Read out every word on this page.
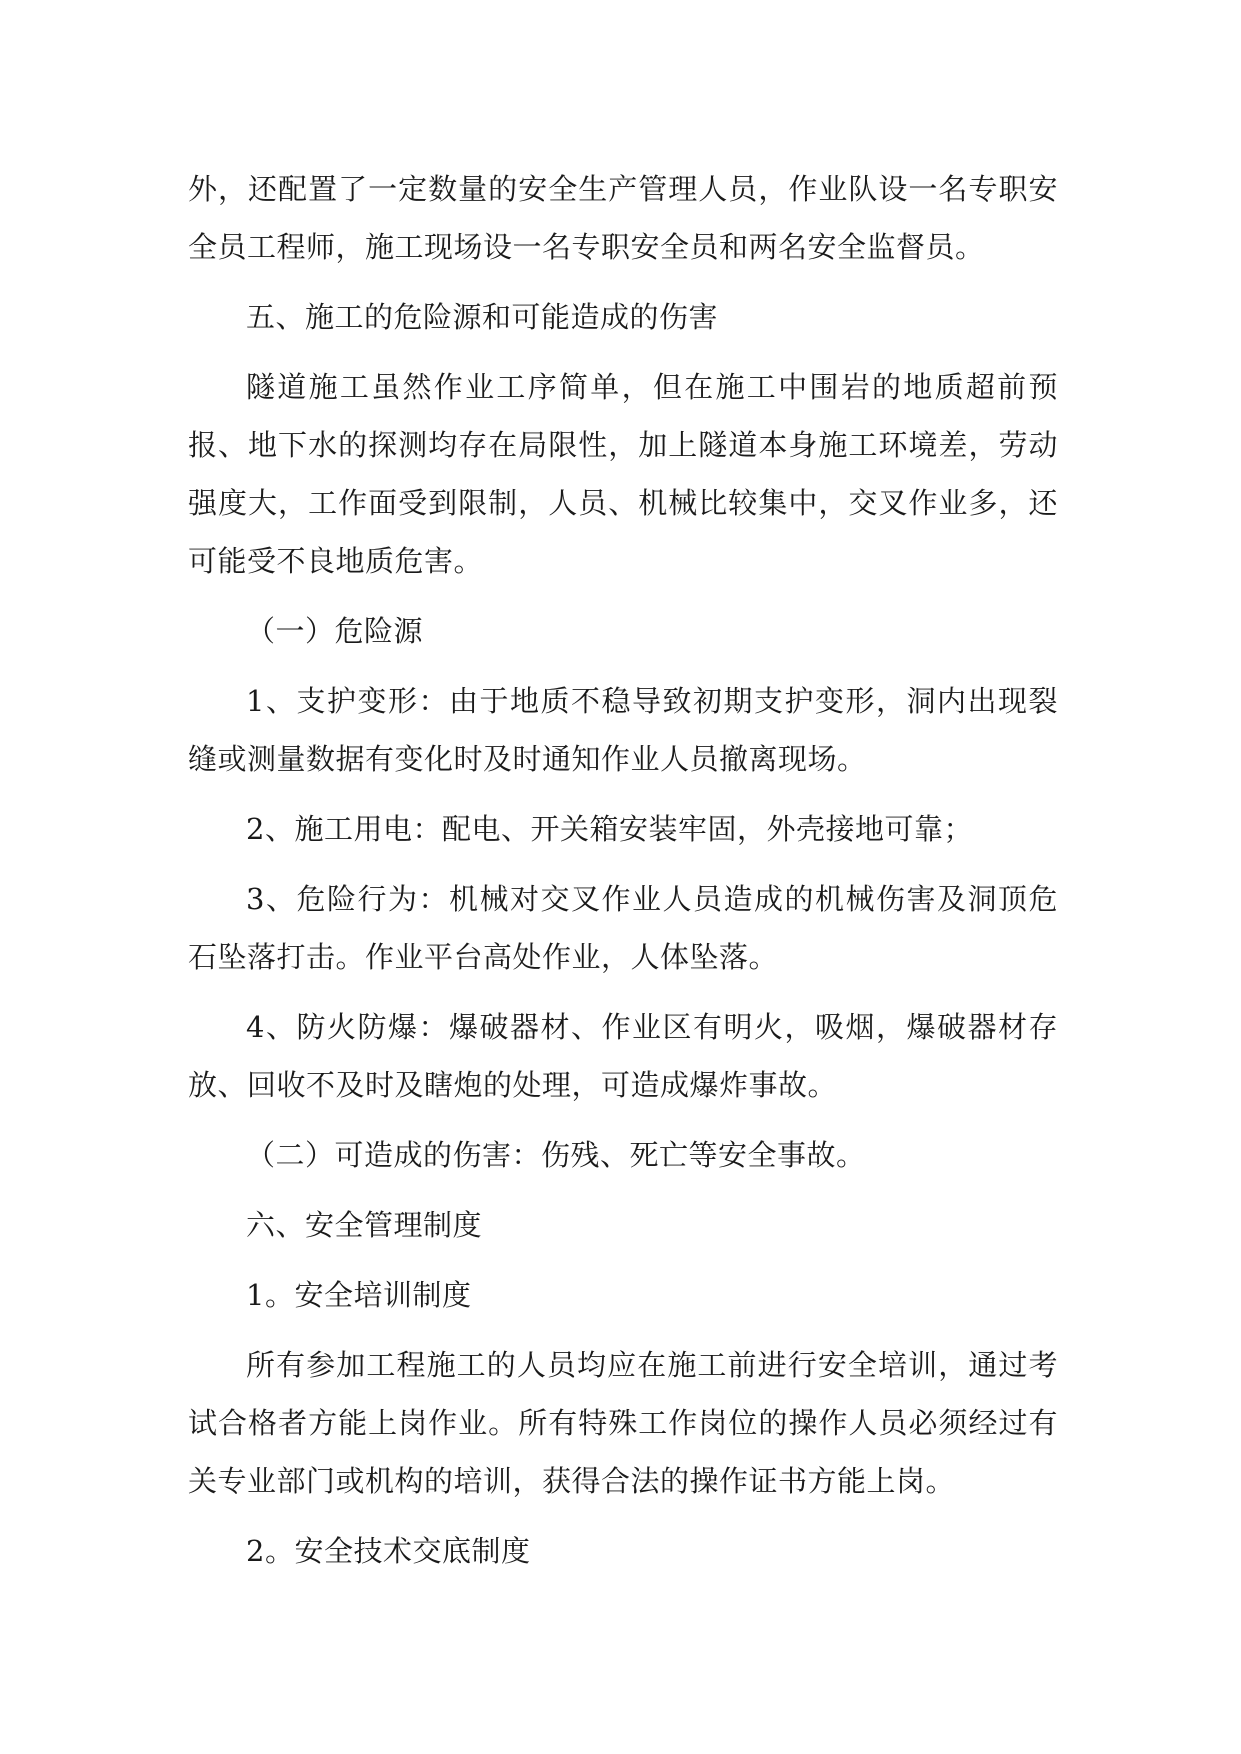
外，还配置了一定数量的安全生产管理人员，作业队设一名专职安全员工程师，施工现场设一名专职安全员和两名安全监督员。

五、施工的危险源和可能造成的伤害

隧道施工虽然作业工序简单，但在施工中围岩的地质超前预报、地下水的探测均存在局限性，加上隧道本身施工环境差，劳动强度大，工作面受到限制，人员、机械比较集中，交叉作业多，还可能受不良地质危害。

（一）危险源

1、支护变形：由于地质不稳导致初期支护变形，洞内出现裂缝或测量数据有变化时及时通知作业人员撤离现场。

2、施工用电：配电、开关箱安装牢固，外壳接地可靠；

3、危险行为：机械对交叉作业人员造成的机械伤害及洞顶危石坠落打击。作业平台高处作业，人体坠落。

4、防火防爆：爆破器材、作业区有明火，吸烟，爆破器材存放、回收不及时及瞎炮的处理，可造成爆炸事故。

（二）可造成的伤害：伤残、死亡等安全事故。

六、安全管理制度

1。安全培训制度

所有参加工程施工的人员均应在施工前进行安全培训，通过考试合格者方能上岗作业。所有特殊工作岗位的操作人员必须经过有关专业部门或机构的培训，获得合法的操作证书方能上岗。

2。安全技术交底制度
